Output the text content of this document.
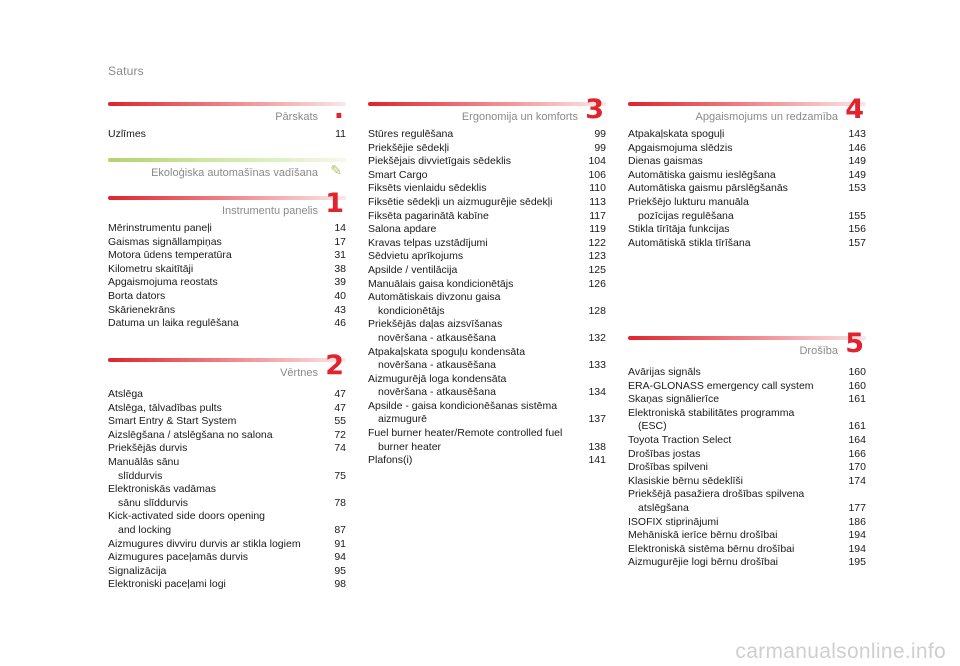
Saturs
Pārskats .
Uzlīmes	11
Ekoloģiska automašīnas vadīšana ✎
Instrumentu panelis 1
Mērinstrumentu paneļi	14
Gaismas signāllampiņas	17
Motora ūdens temperatūra	31
Kilometru skaitītāji	38
Apgaismojuma reostats	39
Borta dators	40
Skārienekrāns	43
Datuma un laika regulēšana	46
Vērtnes 2
Atslēga	47
Atslēga, tālvadības pults	47
Smart Entry & Start System	55
Aizslēgšana / atslēgšana no salona	72
Priekšējās durvis	74
Manuālās sānu
slīddurvis	75
Elektroniskās vadāmas
sānu slīddurvis	78
Kick-activated side doors opening
and locking	87
Aizmugures divviru durvis ar stikla logiem	91
Aizmugures paceļamās durvis	94
Signalizācija	95
Elektroniski paceļami logi	98
Ergonomija un komforts 3
Stūres regulēšana	99
Priekšējie sēdekļi	99
Piekšējais divvietīgais sēdeklis	104
Smart Cargo	106
Fiksēts vienlaidu sēdeklis	110
Fiksētie sēdekļi un aizmugurējie sēdekļi	113
Fiksēta pagarinātā kabīne	117
Salona apdare	119
Kravas telpas uzstādījumi	122
Sēdvietu aprīkojums	123
Apsilde / ventilācija	125
Manuālais gaisa kondicionētājs	126
Automātiskais divzonu gaisa
kondicionētājs	128
Priekšējās daļas aizsvīšanas
novēršana - atkausēšana	132
Atpakaļskata spoguļu kondensāta
novēršana - atkausēšana	133
Aizmugurējā loga kondensāta
novēršana - atkausēšana	134
Apsilde - gaisa kondicionēšanas sistēma
aizmugurē	137
Fuel burner heater/Remote controlled fuel
burner heater	138
Plafons(i)	141
Apgaismojums un redzamība 4
Atpakaļskata spoguļi	143
Apgaismojuma slēdzis	146
Dienas gaismas	149
Automātiska gaismu ieslēgšana	149
Automātiska gaismu pārslēgšanās	153
Priekšējo lukturu manuāla
pozīcijas regulēšana	155
Stikla tīrītāja funkcijas	156
Automātiskā stikla tīrīšana	157
Drošība 5
Avārijas signāls	160
ERA-GLONASS emergency call system	160
Skaņas signālierīce	161
Elektroniskā stabilitātes programma
(ESC)	161
Toyota Traction Select	164
Drošības jostas	166
Drošības spilveni	170
Klasiskie bērnu sēdeklīši	174
Priekšējā pasažiera drošības spilvena
atslēgšana	177
ISOFIX stiprinājumi	186
Mehāniskā ierīce bērnu drošībai	194
Elektroniskā sistēma bērnu drošībai	194
Aizmugurējie logi bērnu drošībai	195
carmanualsonline.info
